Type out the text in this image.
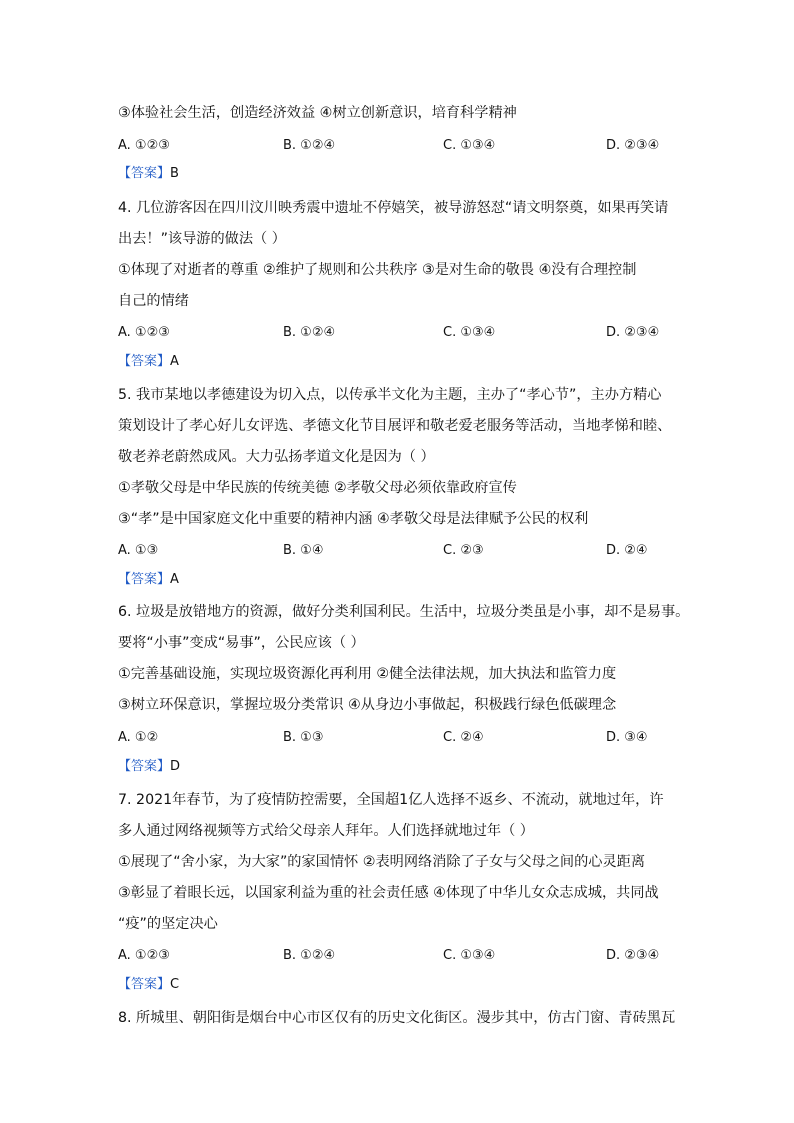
③体验社会生活，创造经济效益 ④树立创新意识，培育科学精神
A. ①②③	B. ①②④	C. ①③④	D. ②③④
【答案】B
4. 几位游客因在四川汶川映秀震中遗址不停嬉笑，被导游怒怼“请文明祭奠，如果再笑请
出去！”该导游的做法（ ）
①体现了对逝者的尊重 ②维护了规则和公共秩序 ③是对生命的敬畏 ④没有合理控制
自己的情绪
A. ①②③	B. ①②④	C. ①③④	D. ②③④
【答案】A
5. 我市某地以孝德建设为切入点，以传承半文化为主题，主办了“孝心节”，主办方精心
策划设计了孝心好儿女评选、孝德文化节目展评和敬老爱老服务等活动，当地孝悌和睦、
敬老养老蔚然成风。大力弘扬孝道文化是因为（ ）
①孝敬父母是中华民族的传统美德 ②孝敬父母必须依靠政府宣传
③“孝”是中国家庭文化中重要的精神内涵 ④孝敬父母是法律赋予公民的权利
A. ①③	B. ①④	C. ②③	D. ②④
【答案】A
6. 垃圾是放错地方的资源，做好分类利国利民。生活中，垃圾分类虽是小事，却不是易事。
要将“小事”变成“易事”，公民应该（ ）
①完善基础设施，实现垃圾资源化再利用 ②健全法律法规，加大执法和监管力度
③树立环保意识，掌握垃圾分类常识 ④从身边小事做起，积极践行绿色低碳理念
A. ①②	B. ①③	C. ②④	D. ③④
【答案】D
7. 2021年春节，为了疫情防控需要，全国超1亿人选择不返乡、不流动，就地过年，许
多人通过网络视频等方式给父母亲人拜年。人们选择就地过年（ ）
①展现了“舍小家，为大家”的家国情怀 ②表明网络消除了子女与父母之间的心灵距离
③彰显了着眼长远，以国家利益为重的社会责任感 ④体现了中华儿女众志成城，共同战
“疫”的坚定决心
A. ①②③	B. ①②④	C. ①③④	D. ②③④
【答案】C
8. 所城里、朝阳街是烟台中心市区仅有的历史文化街区。漫步其中，仿古门窗、青砖黑瓦
